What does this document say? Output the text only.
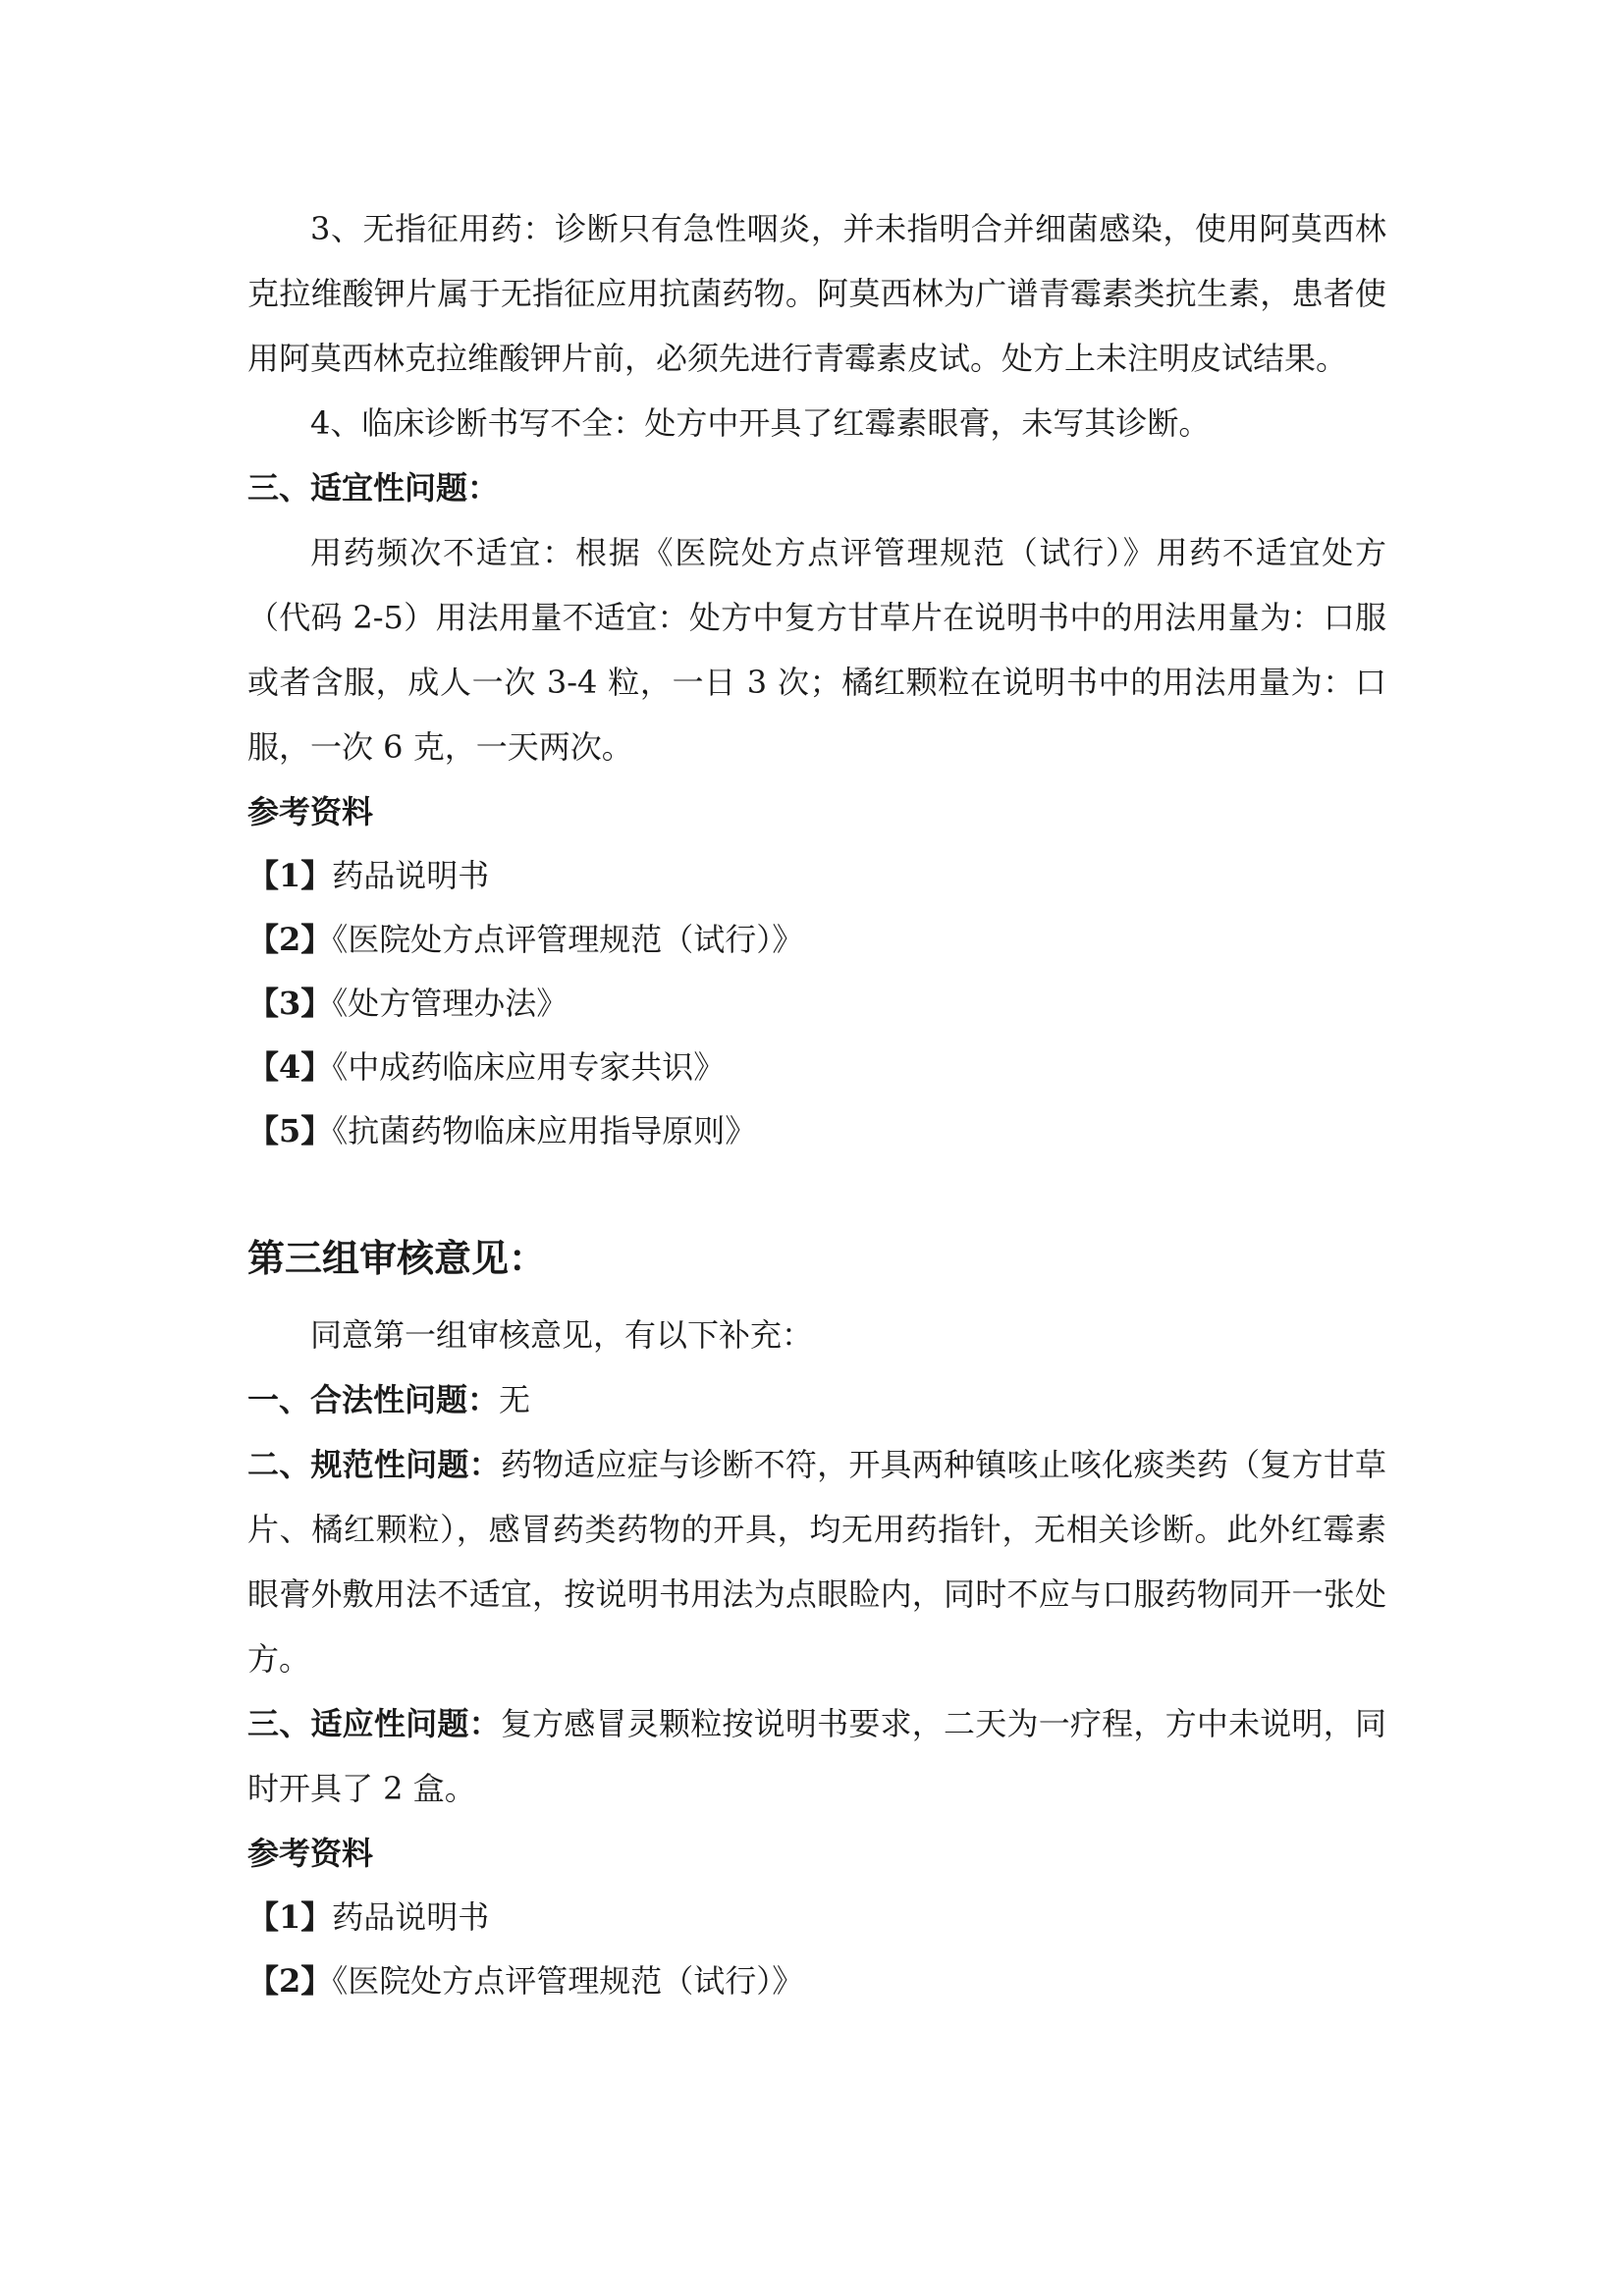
3、无指征用药：诊断只有急性咽炎，并未指明合并细菌感染，使用阿莫西林克拉维酸钾片属于无指征应用抗菌药物。阿莫西林为广谱青霉素类抗生素，患者使用阿莫西林克拉维酸钾片前，必须先进行青霉素皮试。处方上未注明皮试结果。

4、临床诊断书写不全：处方中开具了红霉素眼膏，未写其诊断。

三、适宜性问题：

用药频次不适宜：根据《医院处方点评管理规范（试行）》用药不适宜处方（代码 2-5）用法用量不适宜：处方中复方甘草片在说明书中的用法用量为：口服或者含服，成人一次 3-4 粒，一日 3 次；橘红颗粒在说明书中的用法用量为：口服，一次 6 克，一天两次。

参考资料

【1】药品说明书

【2】《医院处方点评管理规范（试行）》

【3】《处方管理办法》

【4】《中成药临床应用专家共识》

【5】《抗菌药物临床应用指导原则》

第三组审核意见：

同意第一组审核意见，有以下补充：

一、合法性问题：无

二、规范性问题：药物适应症与诊断不符，开具两种镇咳止咳化痰类药（复方甘草片、橘红颗粒），感冒药类药物的开具，均无用药指针，无相关诊断。此外红霉素眼膏外敷用法不适宜，按说明书用法为点眼睑内，同时不应与口服药物同开一张处方。

三、适应性问题：复方感冒灵颗粒按说明书要求，二天为一疗程，方中未说明，同时开具了 2 盒。

参考资料

【1】药品说明书

【2】《医院处方点评管理规范（试行）》
